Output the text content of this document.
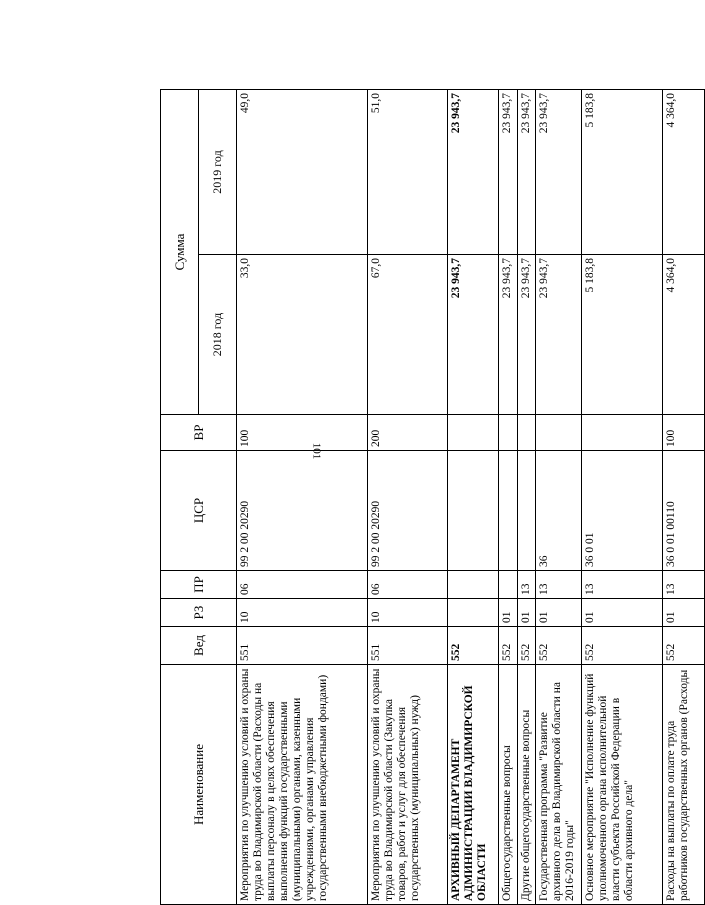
101
Наименование	Вед	РЗ	ПР	ЦСР	ВР	Сумма	
						2018 год	2019 год
Мероприятия по улучшению условий и охраны труда во Владимирской области (Расходы на выплаты персоналу в целях обеспечения выполнения функций государственными (муниципальными) органами, казенными учреждениями, органами управления государственными внебюджетными фондами)	551	10	06	99 2 00 20290	100	33,0	49,0
Мероприятия по улучшению условий и охраны труда во Владимирской области (Закупка товаров, работ и услуг для обеспечения государственных (муниципальных) нужд)	551	10	06	99 2 00 20290	200	67,0	51,0
АРХИВНЫЙ ДЕПАРТАМЕНТ АДМИНИСТРАЦИИ ВЛАДИМИРСКОЙ ОБЛАСТИ	552					23 943,7	23 943,7
Общегосударственные вопросы	552	01				23 943,7	23 943,7
Другие общегосударственные вопросы	552	01	13			23 943,7	23 943,7
Государственная программа "Развитие архивного дела во Владимирской области на 2016-2019 годы"	552	01	13	36		23 943,7	23 943,7
Основное мероприятие "Исполнение функций уполномоченного органа исполнительной власти субъекта Российской Федерации в области архивного дела"	552	01	13	36 0 01		5 183,8	5 183,8
Расходы на выплаты по оплате труда работников государственных органов (Расходы	552	01	13	36 0 01 00110	100	4 364,0	4 364,0
